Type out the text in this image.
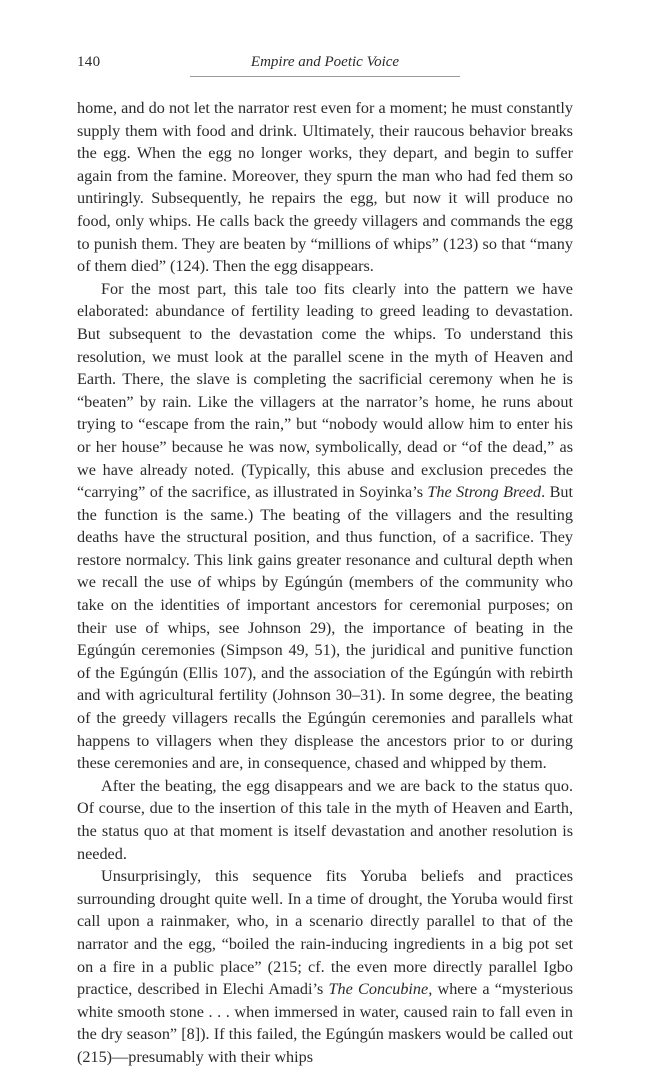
140	Empire and Poetic Voice

home, and do not let the narrator rest even for a moment; he must constantly supply them with food and drink. Ultimately, their raucous behavior breaks the egg. When the egg no longer works, they depart, and begin to suffer again from the famine. Moreover, they spurn the man who had fed them so untiringly. Subsequently, he repairs the egg, but now it will produce no food, only whips. He calls back the greedy villagers and commands the egg to punish them. They are beaten by “millions of whips” (123) so that “many of them died” (124). Then the egg disappears.

For the most part, this tale too fits clearly into the pattern we have elaborated: abundance of fertility leading to greed leading to devastation. But subsequent to the devastation come the whips. To understand this resolution, we must look at the parallel scene in the myth of Heaven and Earth. There, the slave is completing the sacrificial ceremony when he is “beaten” by rain. Like the villagers at the narrator’s home, he runs about trying to “escape from the rain,” but “nobody would allow him to enter his or her house” because he was now, symbolically, dead or “of the dead,” as we have already noted. (Typically, this abuse and exclusion precedes the “carrying” of the sacrifice, as illustrated in Soyinka’s The Strong Breed. But the function is the same.) The beating of the villagers and the resulting deaths have the structural position, and thus function, of a sacrifice. They restore normalcy. This link gains greater resonance and cultural depth when we recall the use of whips by Egúngún (members of the community who take on the identities of important ancestors for ceremonial purposes; on their use of whips, see Johnson 29), the importance of beating in the Egúngún ceremonies (Simpson 49, 51), the juridical and punitive function of the Egúngún (Ellis 107), and the association of the Egúngún with rebirth and with agricultural fertility (Johnson 30–31). In some degree, the beating of the greedy villagers recalls the Egúngún ceremonies and parallels what happens to villagers when they displease the ancestors prior to or during these ceremonies and are, in consequence, chased and whipped by them.

After the beating, the egg disappears and we are back to the status quo. Of course, due to the insertion of this tale in the myth of Heaven and Earth, the status quo at that moment is itself devastation and another resolution is needed.

Unsurprisingly, this sequence fits Yoruba beliefs and practices surrounding drought quite well. In a time of drought, the Yoruba would first call upon a rainmaker, who, in a scenario directly parallel to that of the narrator and the egg, “boiled the rain-inducing ingredients in a big pot set on a fire in a public place” (215; cf. the even more directly parallel Igbo practice, described in Elechi Amadi’s The Concubine, where a “mysterious white smooth stone . . . when immersed in water, caused rain to fall even in the dry season” [8]). If this failed, the Egúngún maskers would be called out (215)—presumably with their whips
